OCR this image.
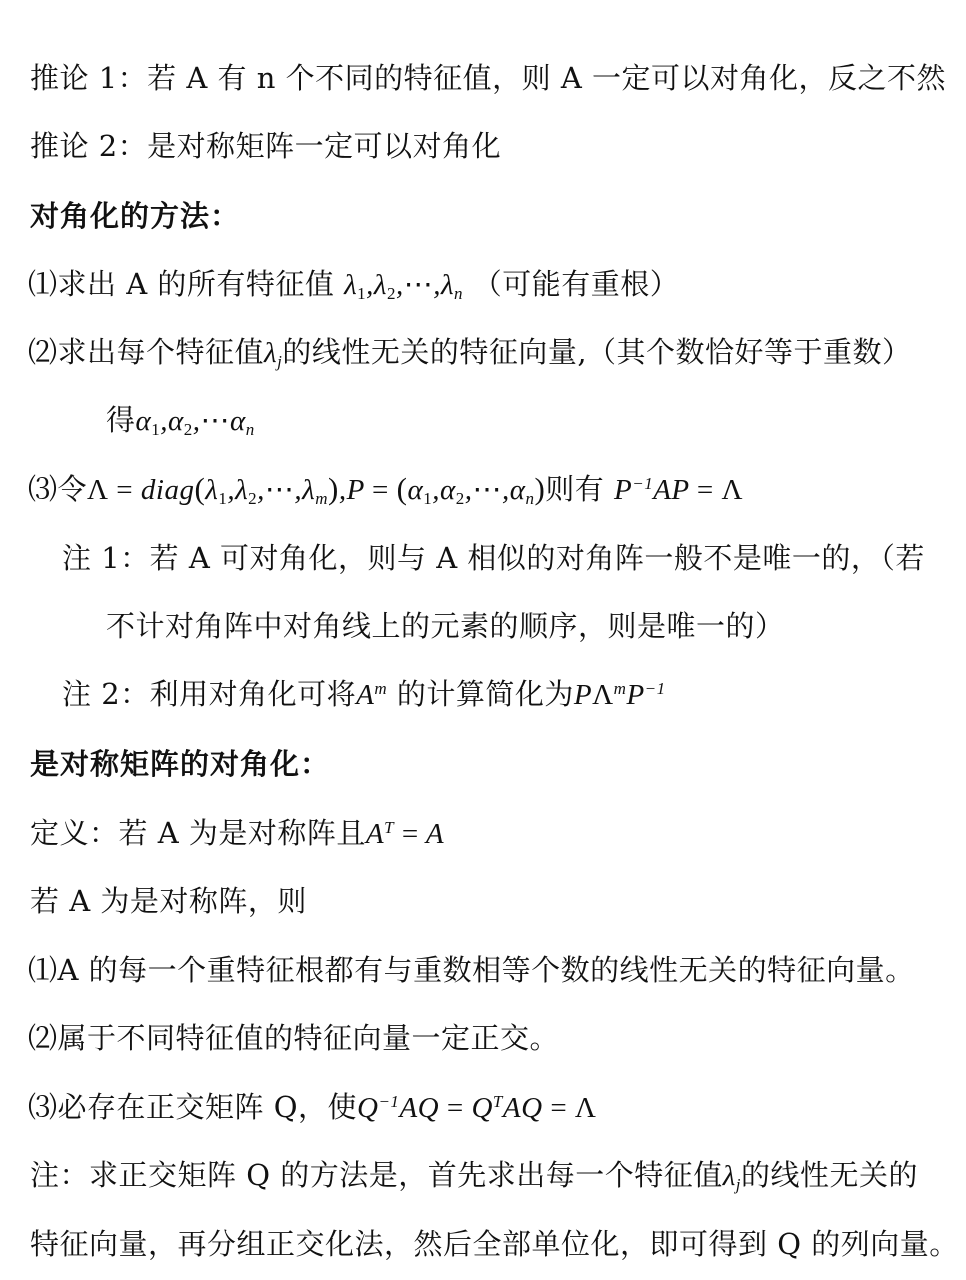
推论 1：若 A 有 n 个不同的特征值，则 A 一定可以对角化，反之不然
推论 2：是对称矩阵一定可以对角化
对角化的方法：
⑴求出 A 的所有特征值 $\lambda_1,\lambda_2,\cdots,\lambda_n$ （可能有重根）
⑵求出每个特征值$\lambda_j$的线性无关的特征向量,（其个数恰好等于重数）
得$\alpha_1,\alpha_2,\cdots\alpha_n$
⑶令$\Lambda = diag(\lambda_1,\lambda_2,\cdots,\lambda_m),P$ = $(\alpha_1,\alpha_2,\cdots,\alpha_n)$则有 $P^{-1}AP = \Lambda$
注 1：若 A 可对角化，则与 A 相似的对角阵一般不是唯一的，（若
不计对角阵中对角线上的元素的顺序，则是唯一的）
注 2：利用对角化可将$A^m$ 的计算简化为$P\Lambda^mP^{-1}$
是对称矩阵的对角化：
定义：若 A 为是对称阵且$A^T = A$
若 A 为是对称阵，则
⑴A 的每一个重特征根都有与重数相等个数的线性无关的特征向量。
⑵属于不同特征值的特征向量一定正交。
⑶必存在正交矩阵 Q，使$Q^{-1}AQ = Q^TAQ = \Lambda$
注：求正交矩阵 Q 的方法是，首先求出每一个特征值$\lambda_j$的线性无关的
特征向量，再分组正交化法，然后全部单位化，即可得到 Q 的列向量。
